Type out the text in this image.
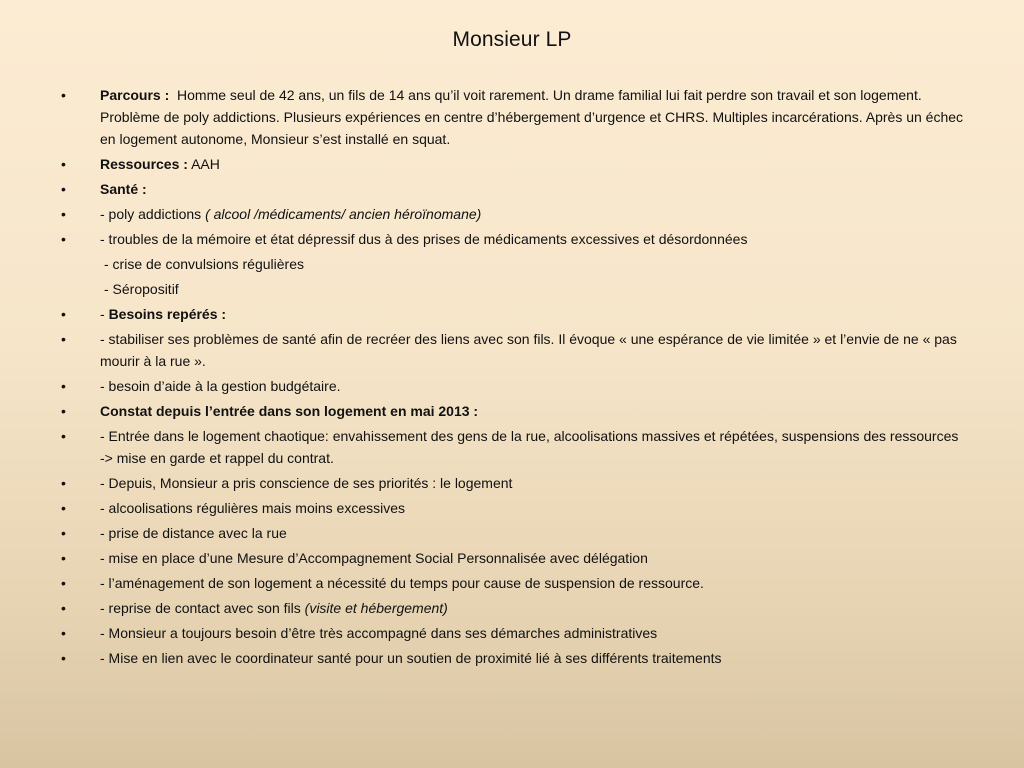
Monsieur LP
•	Parcours : Homme seul de 42 ans, un fils de 14 ans qu’il voit rarement. Un drame familial lui fait perdre son travail et son logement.Problème de poly addictions. Plusieurs expériences en centre d’hébergement d’urgence et CHRS. Multiples incarcérations. Après un échec en logement autonome, Monsieur s’est installé en squat.
•	Ressources : AAH
•	Santé :
•	- poly addictions ( alcool /médicaments/ ancien héroïnomane)
•	- troubles de la mémoire et état dépressif dus à des prises de médicaments excessives et désordonnées
- crise de convulsions régulières
- Séropositif
•	- Besoins repérés :
•	- stabiliser ses problèmes de santé afin de recréer des liens avec son fils. Il évoque « une espérance de vie limitée » et l’envie de ne « pas mourir à la rue ».
•	- besoin d’aide à la gestion budgétaire.
•	Constat depuis l’entrée dans son logement en mai 2013 :
•	- Entrée dans le logement chaotique: envahissement des gens de la rue, alcoolisations massives et répétées, suspensions des ressources -> mise en garde et rappel du contrat.
•	- Depuis, Monsieur a pris conscience de ses priorités : le logement
•	- alcoolisations régulières mais moins excessives
•	- prise de distance avec la rue
•	- mise en place d’une Mesure d’Accompagnement Social Personnalisée avec délégation
•	- l’aménagement de son logement a nécessité du temps pour cause de suspension de ressource.
•	- reprise de contact avec son fils (visite et hébergement)
•	- Monsieur a toujours besoin d’être très accompagné dans ses démarches administratives
•	- Mise en lien avec le coordinateur santé pour un soutien de proximité lié à ses différents traitements
